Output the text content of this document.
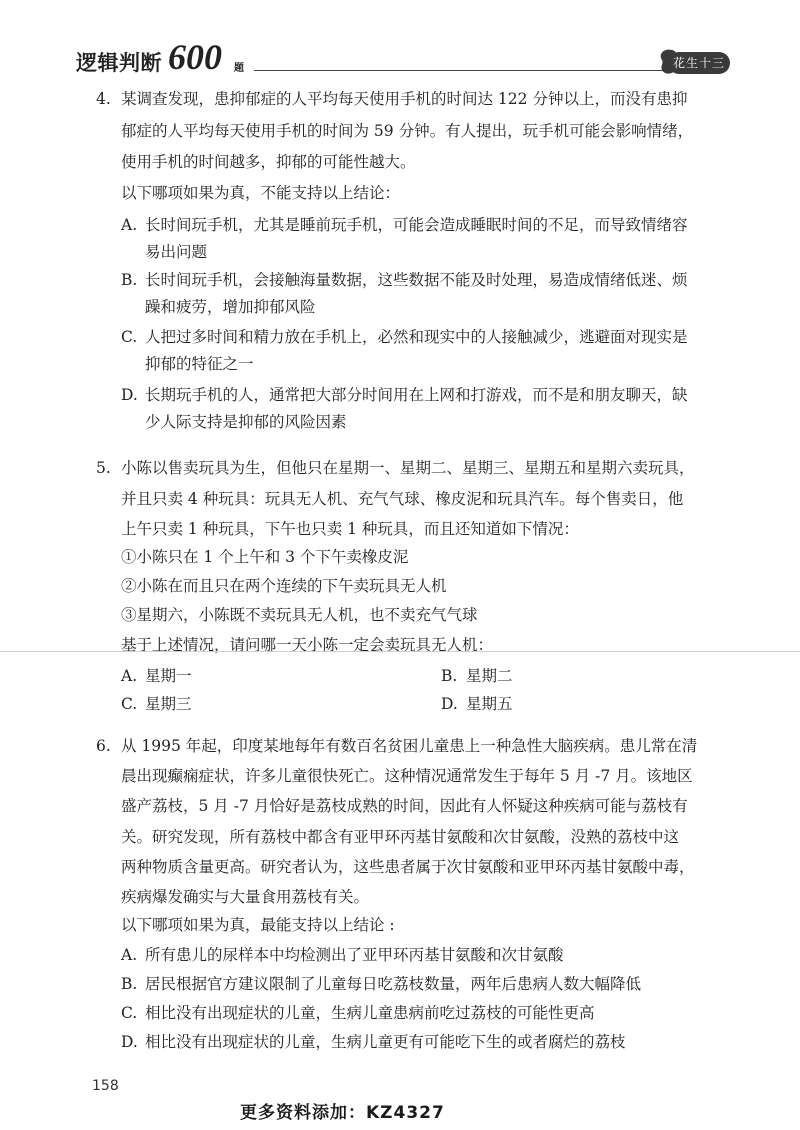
逻辑判断 600 题	花生十三
4. 某调查发现，患抑郁症的人平均每天使用手机的时间达 122 分钟以上，而没有患抑
郁症的人平均每天使用手机的时间为 59 分钟。有人提出，玩手机可能会影响情绪，
使用手机的时间越多，抑郁的可能性越大。
以下哪项如果为真，不能支持以上结论：
A. 长时间玩手机，尤其是睡前玩手机，可能会造成睡眠时间的不足，而导致情绪容
易出问题
B. 长时间玩手机，会接触海量数据，这些数据不能及时处理，易造成情绪低迷、烦
躁和疲劳，增加抑郁风险
C. 人把过多时间和精力放在手机上，必然和现实中的人接触减少，逃避面对现实是
抑郁的特征之一
D. 长期玩手机的人，通常把大部分时间用在上网和打游戏，而不是和朋友聊天，缺
少人际支持是抑郁的风险因素
5. 小陈以售卖玩具为生，但他只在星期一、星期二、星期三、星期五和星期六卖玩具，
并且只卖 4 种玩具：玩具无人机、充气气球、橡皮泥和玩具汽车。每个售卖日，他
上午只卖 1 种玩具，下午也只卖 1 种玩具，而且还知道如下情况：
①小陈只在 1 个上午和 3 个下午卖橡皮泥
②小陈在而且只在两个连续的下午卖玩具无人机
③星期六，小陈既不卖玩具无人机，也不卖充气气球
基于上述情况，请问哪一天小陈一定会卖玩具无人机：
A. 星期一	B. 星期二
C. 星期三	D. 星期五
6. 从 1995 年起，印度某地每年有数百名贫困儿童患上一种急性大脑疾病。患儿常在清
晨出现癫痫症状，许多儿童很快死亡。这种情况通常发生于每年 5 月 -7 月。该地区
盛产荔枝，5 月 -7 月恰好是荔枝成熟的时间，因此有人怀疑这种疾病可能与荔枝有
关。研究发现，所有荔枝中都含有亚甲环丙基甘氨酸和次甘氨酸，没熟的荔枝中这
两种物质含量更高。研究者认为，这些患者属于次甘氨酸和亚甲环丙基甘氨酸中毒，
疾病爆发确实与大量食用荔枝有关。
以下哪项如果为真，最能支持以上结论 :
A. 所有患儿的尿样本中均检测出了亚甲环丙基甘氨酸和次甘氨酸
B. 居民根据官方建议限制了儿童每日吃荔枝数量，两年后患病人数大幅降低
C. 相比没有出现症状的儿童，生病儿童患病前吃过荔枝的可能性更高
D. 相比没有出现症状的儿童，生病儿童更有可能吃下生的或者腐烂的荔枝
158
更多资料添加：KZ4327
